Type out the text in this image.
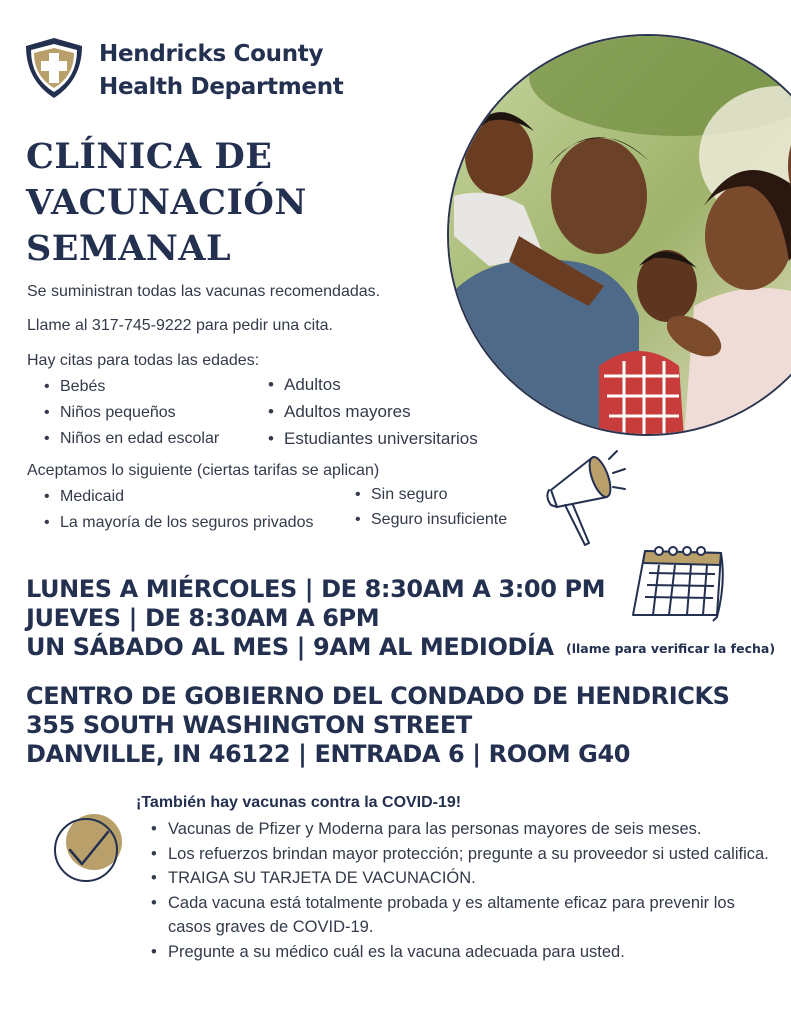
Hendricks County
Health Department
CLÍNICA DE
VACUNACIÓN
SEMANAL
Se suministran todas las vacunas recomendadas.
Llame al 317-745-9222 para pedir una cita.
Hay citas para todas las edades:
• Bebés
• Niños pequeños
• Niños en edad escolar
• Adultos
• Adultos mayores
• Estudiantes universitarios
Aceptamos lo siguiente (ciertas tarifas se aplican)
• Medicaid
• La mayoría de los seguros privados
• Sin seguro
• Seguro insuficiente
LUNES A MIÉRCOLES | DE 8:30AM A 3:00 PM
JUEVES | DE 8:30AM A 6PM
UN SÁBADO AL MES | 9AM AL MEDIODÍA (llame para verificar la fecha)
CENTRO DE GOBIERNO DEL CONDADO DE HENDRICKS
355 SOUTH WASHINGTON STREET
DANVILLE, IN 46122 | ENTRADA 6 | ROOM G40
¡También hay vacunas contra la COVID-19!
• Vacunas de Pfizer y Moderna para las personas mayores de seis meses.
• Los refuerzos brindan mayor protección; pregunte a su proveedor si usted califica.
• TRAIGA SU TARJETA DE VACUNACIÓN.
• Cada vacuna está totalmente probada y es altamente eficaz para prevenir los casos graves de COVID-19.
• Pregunte a su médico cuál es la vacuna adecuada para usted.
